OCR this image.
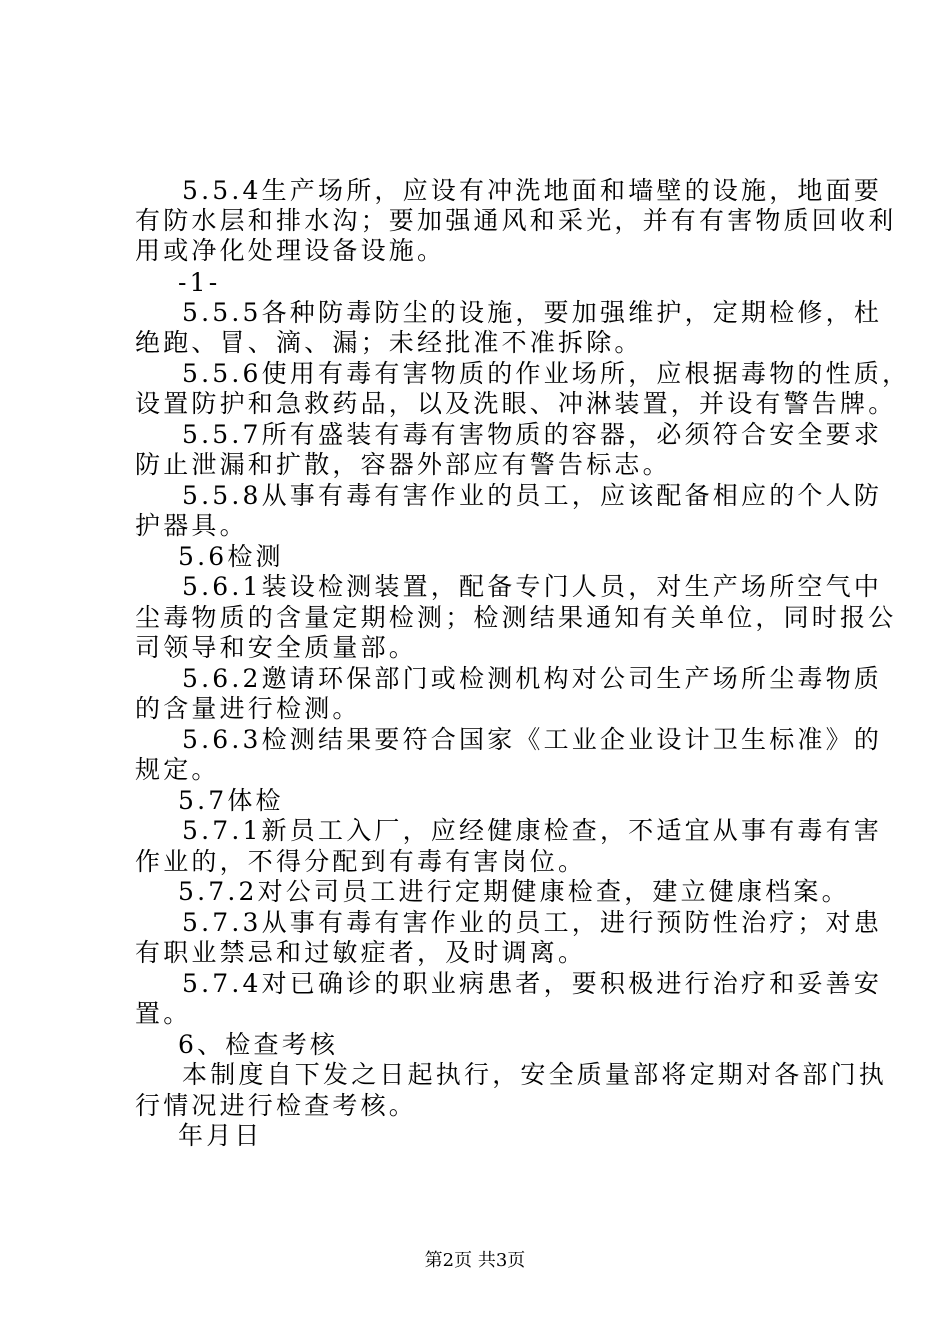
5.5.4生产场所，应设有冲洗地面和墙壁的设施，地面要
有防水层和排水沟；要加强通风和采光，并有有害物质回收利
用或净化处理设备设施。
-1-
5.5.5各种防毒防尘的设施，要加强维护，定期检修，杜
绝跑、冒、滴、漏；未经批准不准拆除。
5.5.6使用有毒有害物质的作业场所，应根据毒物的性质，
设置防护和急救药品，以及洗眼、冲淋装置，并设有警告牌。
5.5.7所有盛装有毒有害物质的容器，必须符合安全要求
防止泄漏和扩散，容器外部应有警告标志。
5.5.8从事有毒有害作业的员工，应该配备相应的个人防
护器具。
5.6检测
5.6.1装设检测装置，配备专门人员，对生产场所空气中
尘毒物质的含量定期检测；检测结果通知有关单位，同时报公
司领导和安全质量部。
5.6.2邀请环保部门或检测机构对公司生产场所尘毒物质
的含量进行检测。
5.6.3检测结果要符合国家《工业企业设计卫生标准》的
规定。
5.7体检
5.7.1新员工入厂，应经健康检查，不适宜从事有毒有害
作业的，不得分配到有毒有害岗位。
5.7.2对公司员工进行定期健康检查，建立健康档案。
5.7.3从事有毒有害作业的员工，进行预防性治疗；对患
有职业禁忌和过敏症者，及时调离。
5.7.4对已确诊的职业病患者，要积极进行治疗和妥善安
置。
6、检查考核
本制度自下发之日起执行，安全质量部将定期对各部门执
行情况进行检查考核。
年月日
第2页 共3页
